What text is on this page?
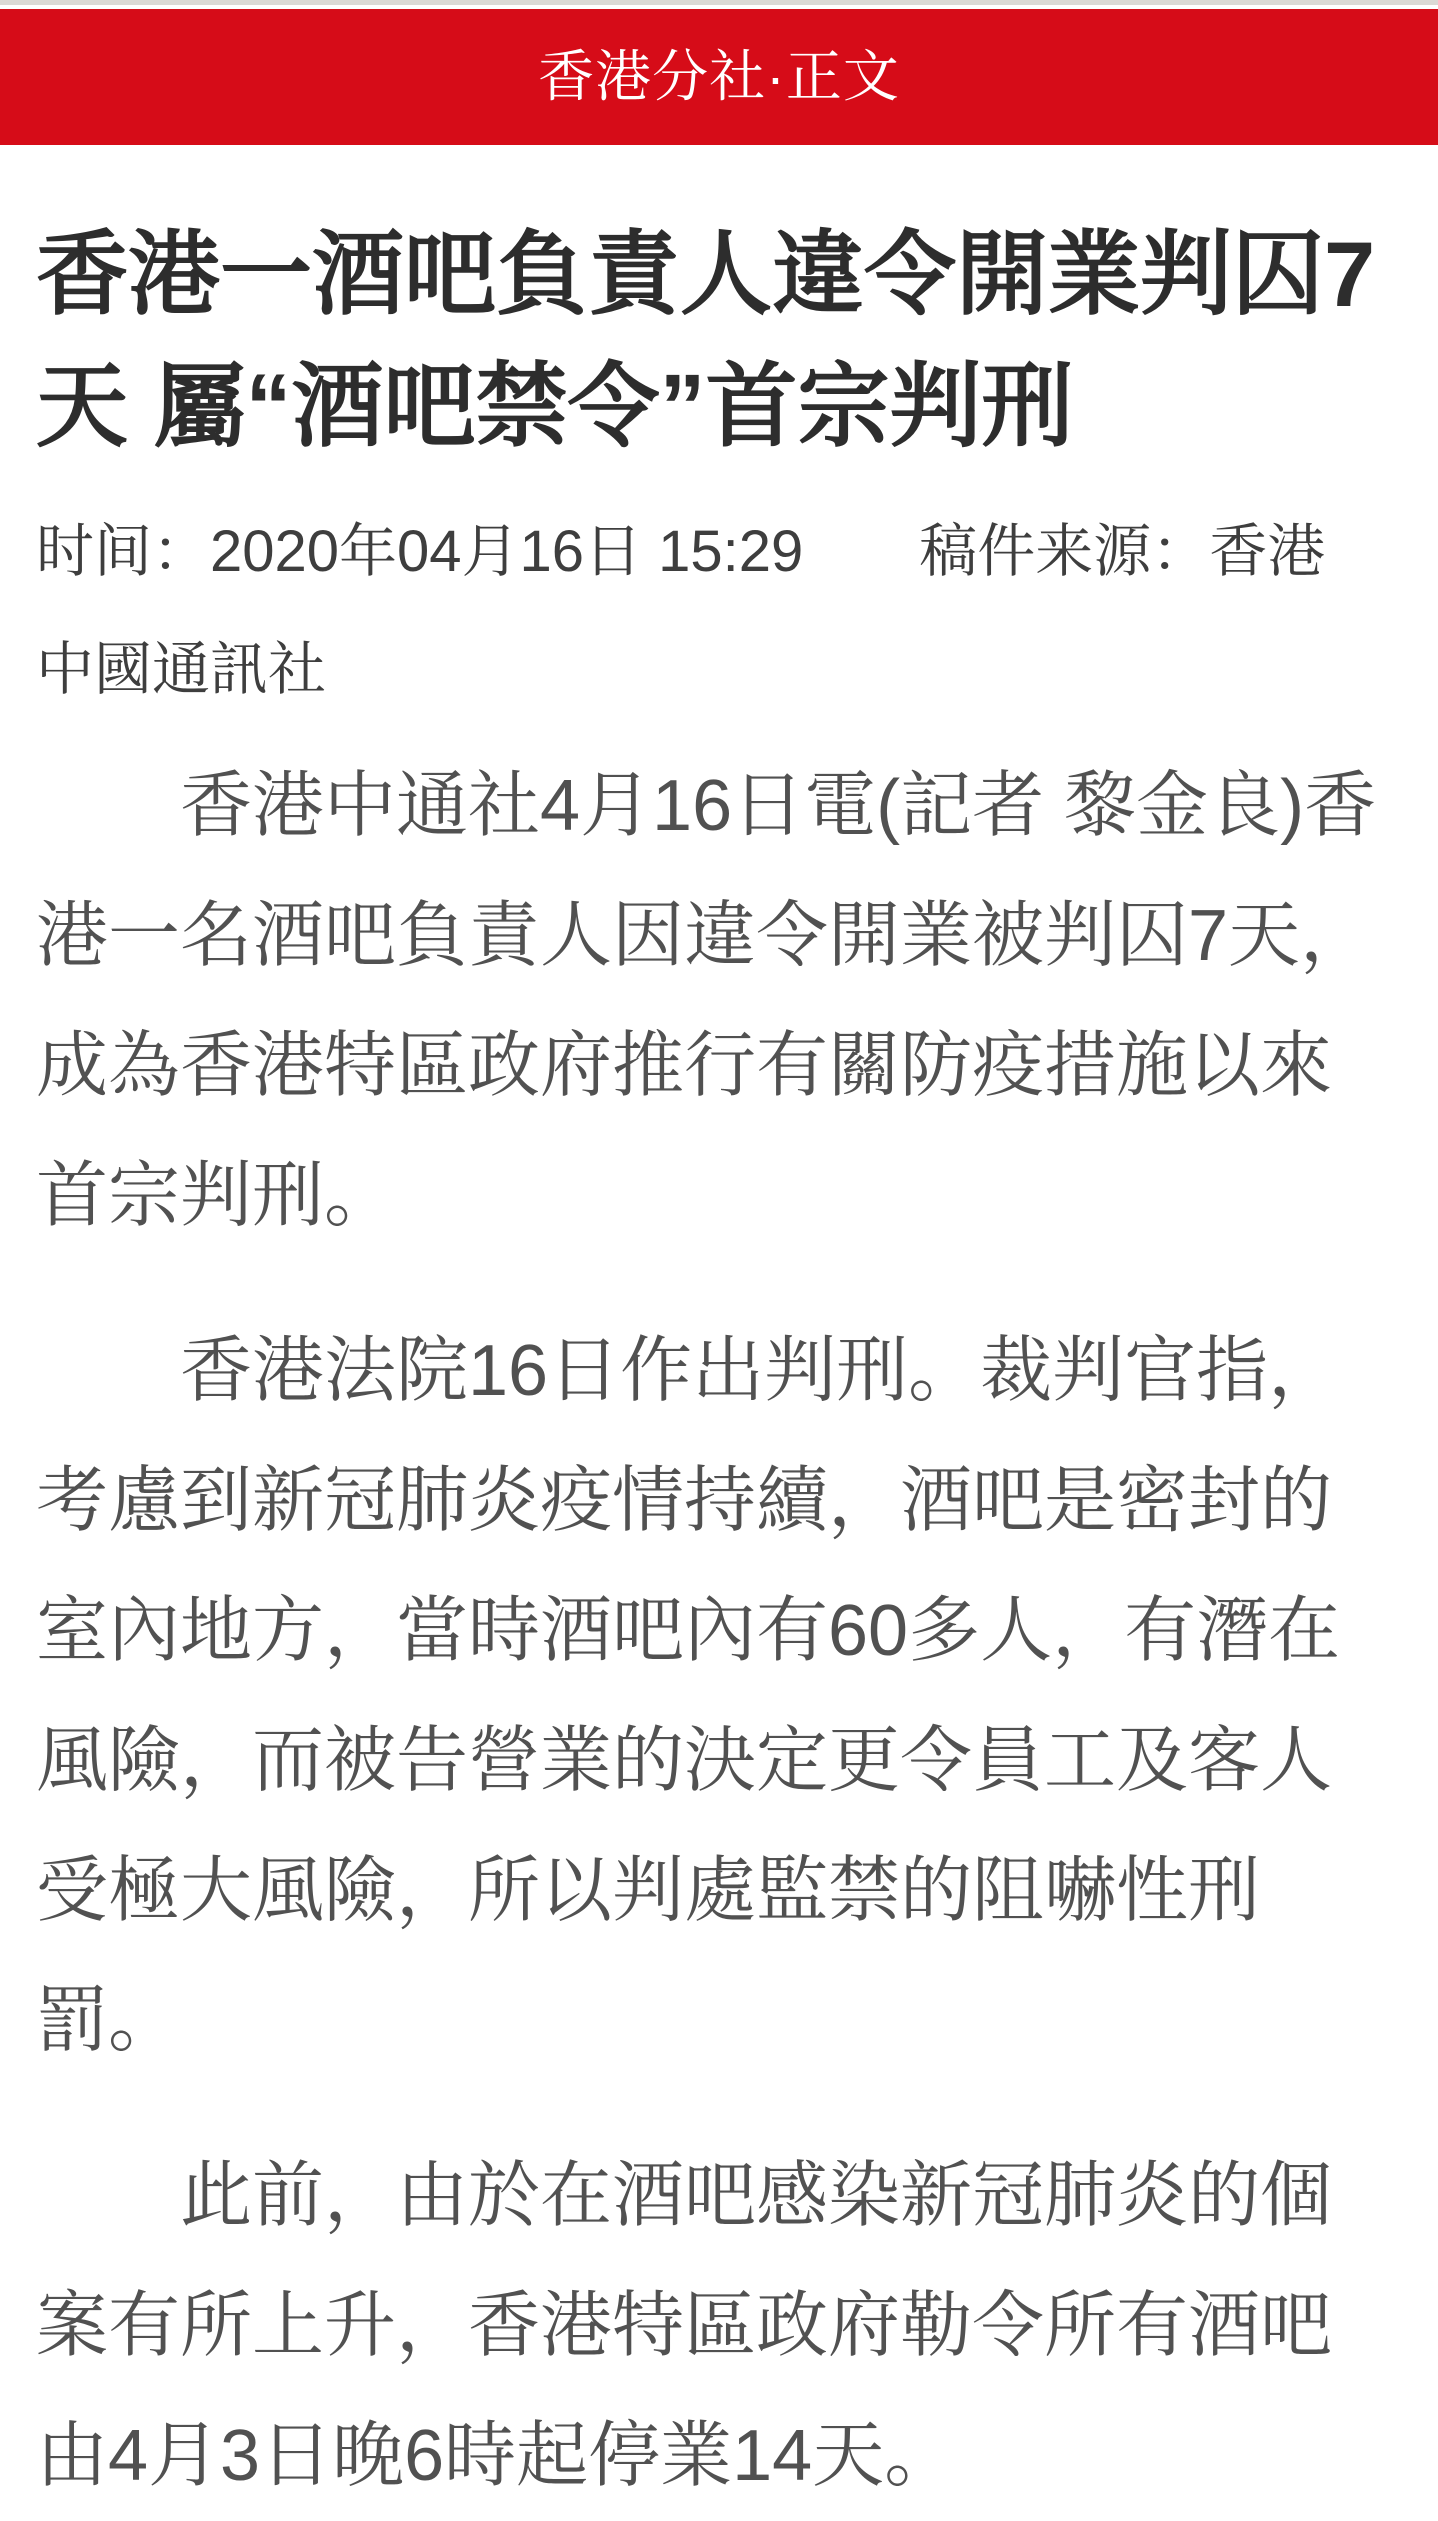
香港分社·正文
香港一酒吧負責人違令開業判囚7天 屬“酒吧禁令”首宗判刑
时间：2020年04月16日 15:29　　稿件来源：香港
中國通訊社

香港中通社4月16日電(記者 黎金良)香港一名酒吧負責人因違令開業被判囚7天，成為香港特區政府推行有關防疫措施以來首宗判刑。

香港法院16日作出判刑。裁判官指，考慮到新冠肺炎疫情持續，酒吧是密封的室內地方，當時酒吧內有60多人，有潛在風險，而被告營業的決定更令員工及客人受極大風險，所以判處監禁的阻嚇性刑罰。

此前，由於在酒吧感染新冠肺炎的個案有所上升，香港特區政府勒令所有酒吧由4月3日晚6時起停業14天。
